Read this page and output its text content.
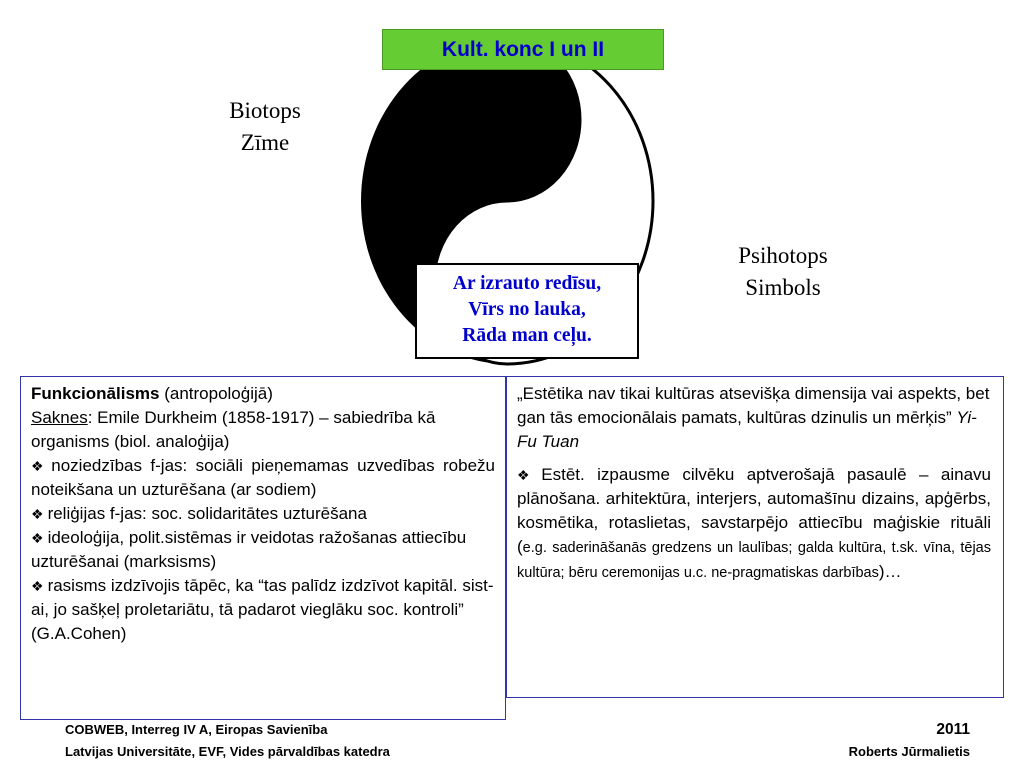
Kult. konc I un II
Biotops
Zīme
Psihotops
Simbols
Ar izrauto redīsu,
Vīrs no lauka,
Rāda man ceļu.

Funkcionālisms (antropoloģijā)

Saknes: Emile Durkheim (1858-1917) – sabiedrība kā organisms (biol. analoģija)

❖ noziedzības f-jas: sociāli pieņemamas uzvedības robežu noteikšana un uzturēšana (ar sodiem)

❖ reliģijas f-jas: soc. solidaritātes uzturēšana

❖ ideoloģija, polit.sistēmas ir veidotas ražošanas attiecību uzturēšanai (marksisms)

❖ rasisms izdzīvojis tāpēc, ka “tas palīdz izdzīvot kapitāl. sist-ai, jo sašķeļ proletariātu, tā padarot vieglāku soc. kontroli” (G.A.Cohen)

„Estētika nav tikai kultūras atsevišķa dimensija vai aspekts, bet gan tās emocionālais pamats, kultūras dzinulis un mērķis” Yi-Fu Tuan

❖ Estēt. izpausme cilvēku aptverošajā pasaulē – ainavu plānošana. arhitektūra, interjers, automašīnu dizains, apģērbs, kosmētika, rotaslietas, savstarpējo attiecību maģiskie rituāli (e.g. saderināšanās gredzens un laulības; galda kultūra, t.sk. vīna, tējas kultūra; bēru ceremonijas u.c. ne-pragmatiskas darbības)…

COBWEB, Interreg IV A, Eiropas Savienība
Latvijas Universitāte, EVF, Vides pārvaldības katedra
2011
Roberts Jūrmalietis
